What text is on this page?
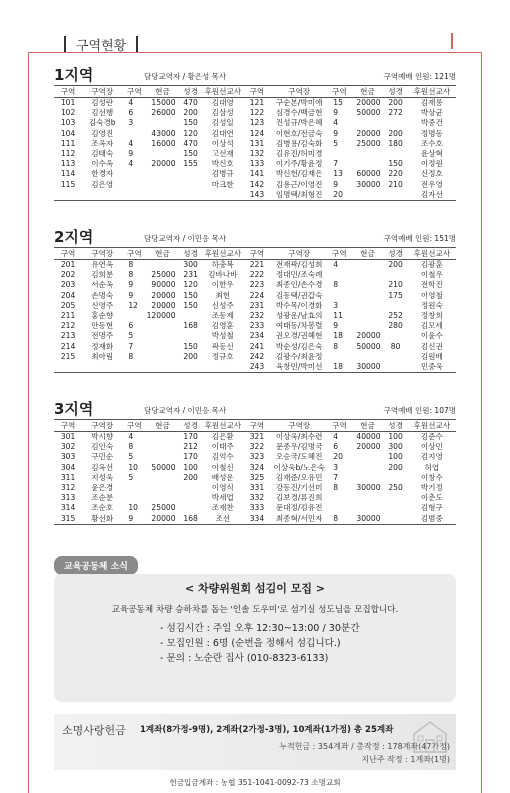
구역현황
1지역	담당교역자 / 황은성 목사	구역예배 인원: 121명
구역	구역장	구역	현금	성경	후원선교사	구역	구역장	구역	현금	성경	후원선교사
101	김성란	4	15000	470	김대영	121	구순본/박미애	15	20000	200	김재롱
102	김선행	6	26000	200	김삼성	122	심경수/백금현	9	50000	272	박상균
103	김숙경b	3		150	김성일	123	진성규/박은혜	4			박중건
104	김영진		43000	120	김대연	124	이현호/전금숙	9	20000	200	정명동
111	조옥자	4	16000	470	이상석	131	김병용/김숙화	5	25000	180	조수호
112	김태숙	9		150	고선재	132	김유진/허미경				윤상혁
113	이수옥	4	20000	155	박신호	133	이기주/황윤정	7		150	이정원
114	한경자				김병규	141	박신헌/김재은	13	60000	220	신정호
115	김은영				마크한	142	김용근/이영진	9	30000	210	전우영
						143	임명택/최형진	20			김자선
2지역	담당교역자 / 이민응 목사	구역예배 인원: 151명
구역	구역장	구역	현금	성경	후원선교사	구역	구역장	구역	현금	성경	후원선교사
201	유연옥	8		300	하충복	221	전재곽/김성희	4		200	김광훈
202	김희분	8	25000	231	김바나바	222	정대민/조숙례				이철우
203	서순옥	9	90000	120	이한우	223	최종인/손수경	8		210	전학진
204	손명숙	9	20000	150	최헌	224	김동택/권갑숙			175	이영철
205	신영주	12	20000	150	신성주	231	박수목/이경화	3			정원숙
211	홍순향		120000		조동제	232	성광운/남효의	11		252	정창희
212	안동현	6		168	김영훈	233	여태동/차봉렬	9		280	김모세
213	전명주	5			박성철	234	권오경/권혜현	18	20000		이윤수
214	정재화	7		150	곽동신	241	박순성/김은숙	8	50000	80	김신권
215	최아림	8		200	정규호	242	김광수/최윤정				김원배
						243	육창민/박미선	18	30000		민중욱
3지역	담당교역자 / 이민응 목사	구역예배 인원: 107명
구역	구역장	구역	현금	성경	후원선교사	구역	구역장	구역	현금	성경	후원선교사
301	박시향	4		170	김은환	321	이상욱/최수련	4	40000	100	김준수
302	김인숙	8		212	이태주	322	문종우/김명국	6	20000	300	이상민
303	구민순	5		170	김억수	323	오승국/도혜진	20		100	김지영
304	김옥선	10	50000	100	이철신	324	이상욱b/노은숙	3		200	허엽
311	지성욱	5		200	배성운	325	김재준/오유민	7			이창수
312	윤은경				이영식	331	강동진/기선미	8	30000	250	박기정
313	조순분				박세업	332	김보경/류진희				이춘도
314	조순호	10	25000		조재찬	333	문대정/김유진				김형구
315	황선화	9	20000	168	조선	334	최종혁/서민자	8	30000		김범중
교육공동체 소식
< 차량위원회 섬김이 모집 >
교육공동체 차량 승하차를 돕는 '인솔 도우미'로 섬기실 성도님을 모집합니다.
- 섬김시간 : 주일 오후 12:30~13:00 / 30분간
- 모집인원 : 6명 (순번을 정해서 섬깁니다.)
- 문의 : 노순란 집사 (010-8323-6133)
소명사랑헌금 1계좌(8가정-9명), 2계좌(2가정-3명), 10계좌(1가정) 총 25계좌
누적헌금 : 354계좌 / 총작정 : 178계좌(47가정)
지난주 작정 : 1계좌(1명)
헌금입금계좌 : 농협 351-1041-0092-73 소명교회
